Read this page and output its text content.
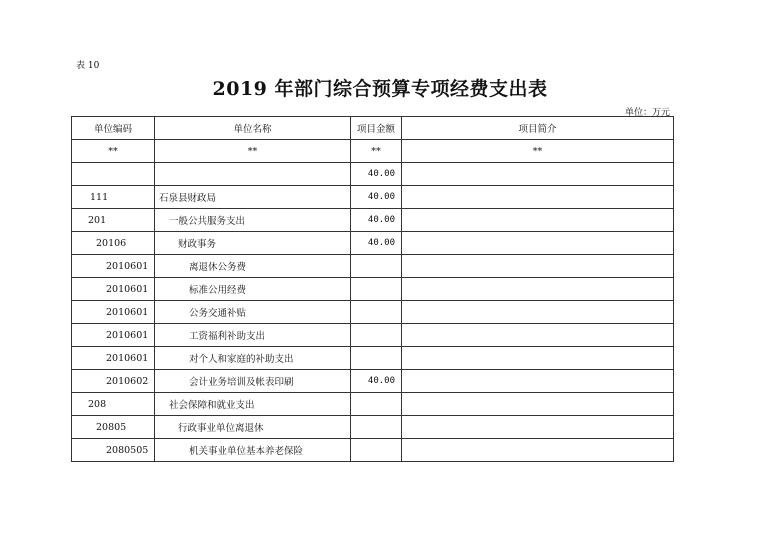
表 10
2019 年部门综合预算专项经费支出表
单位：万元
单位编码	单位名称	项目金额	项目简介
**	**	**	**
		40.00	
111	石泉县财政局	40.00	
201	一般公共服务支出	40.00	
20106	财政事务	40.00	
2010601	离退休公务费		
2010601	标准公用经费		
2010601	公务交通补贴		
2010601	工资福利补助支出		
2010601	对个人和家庭的补助支出		
2010602	会计业务培训及帐表印刷	40.00	
208	社会保障和就业支出		
20805	行政事业单位离退休		
2080505	机关事业单位基本养老保险		
